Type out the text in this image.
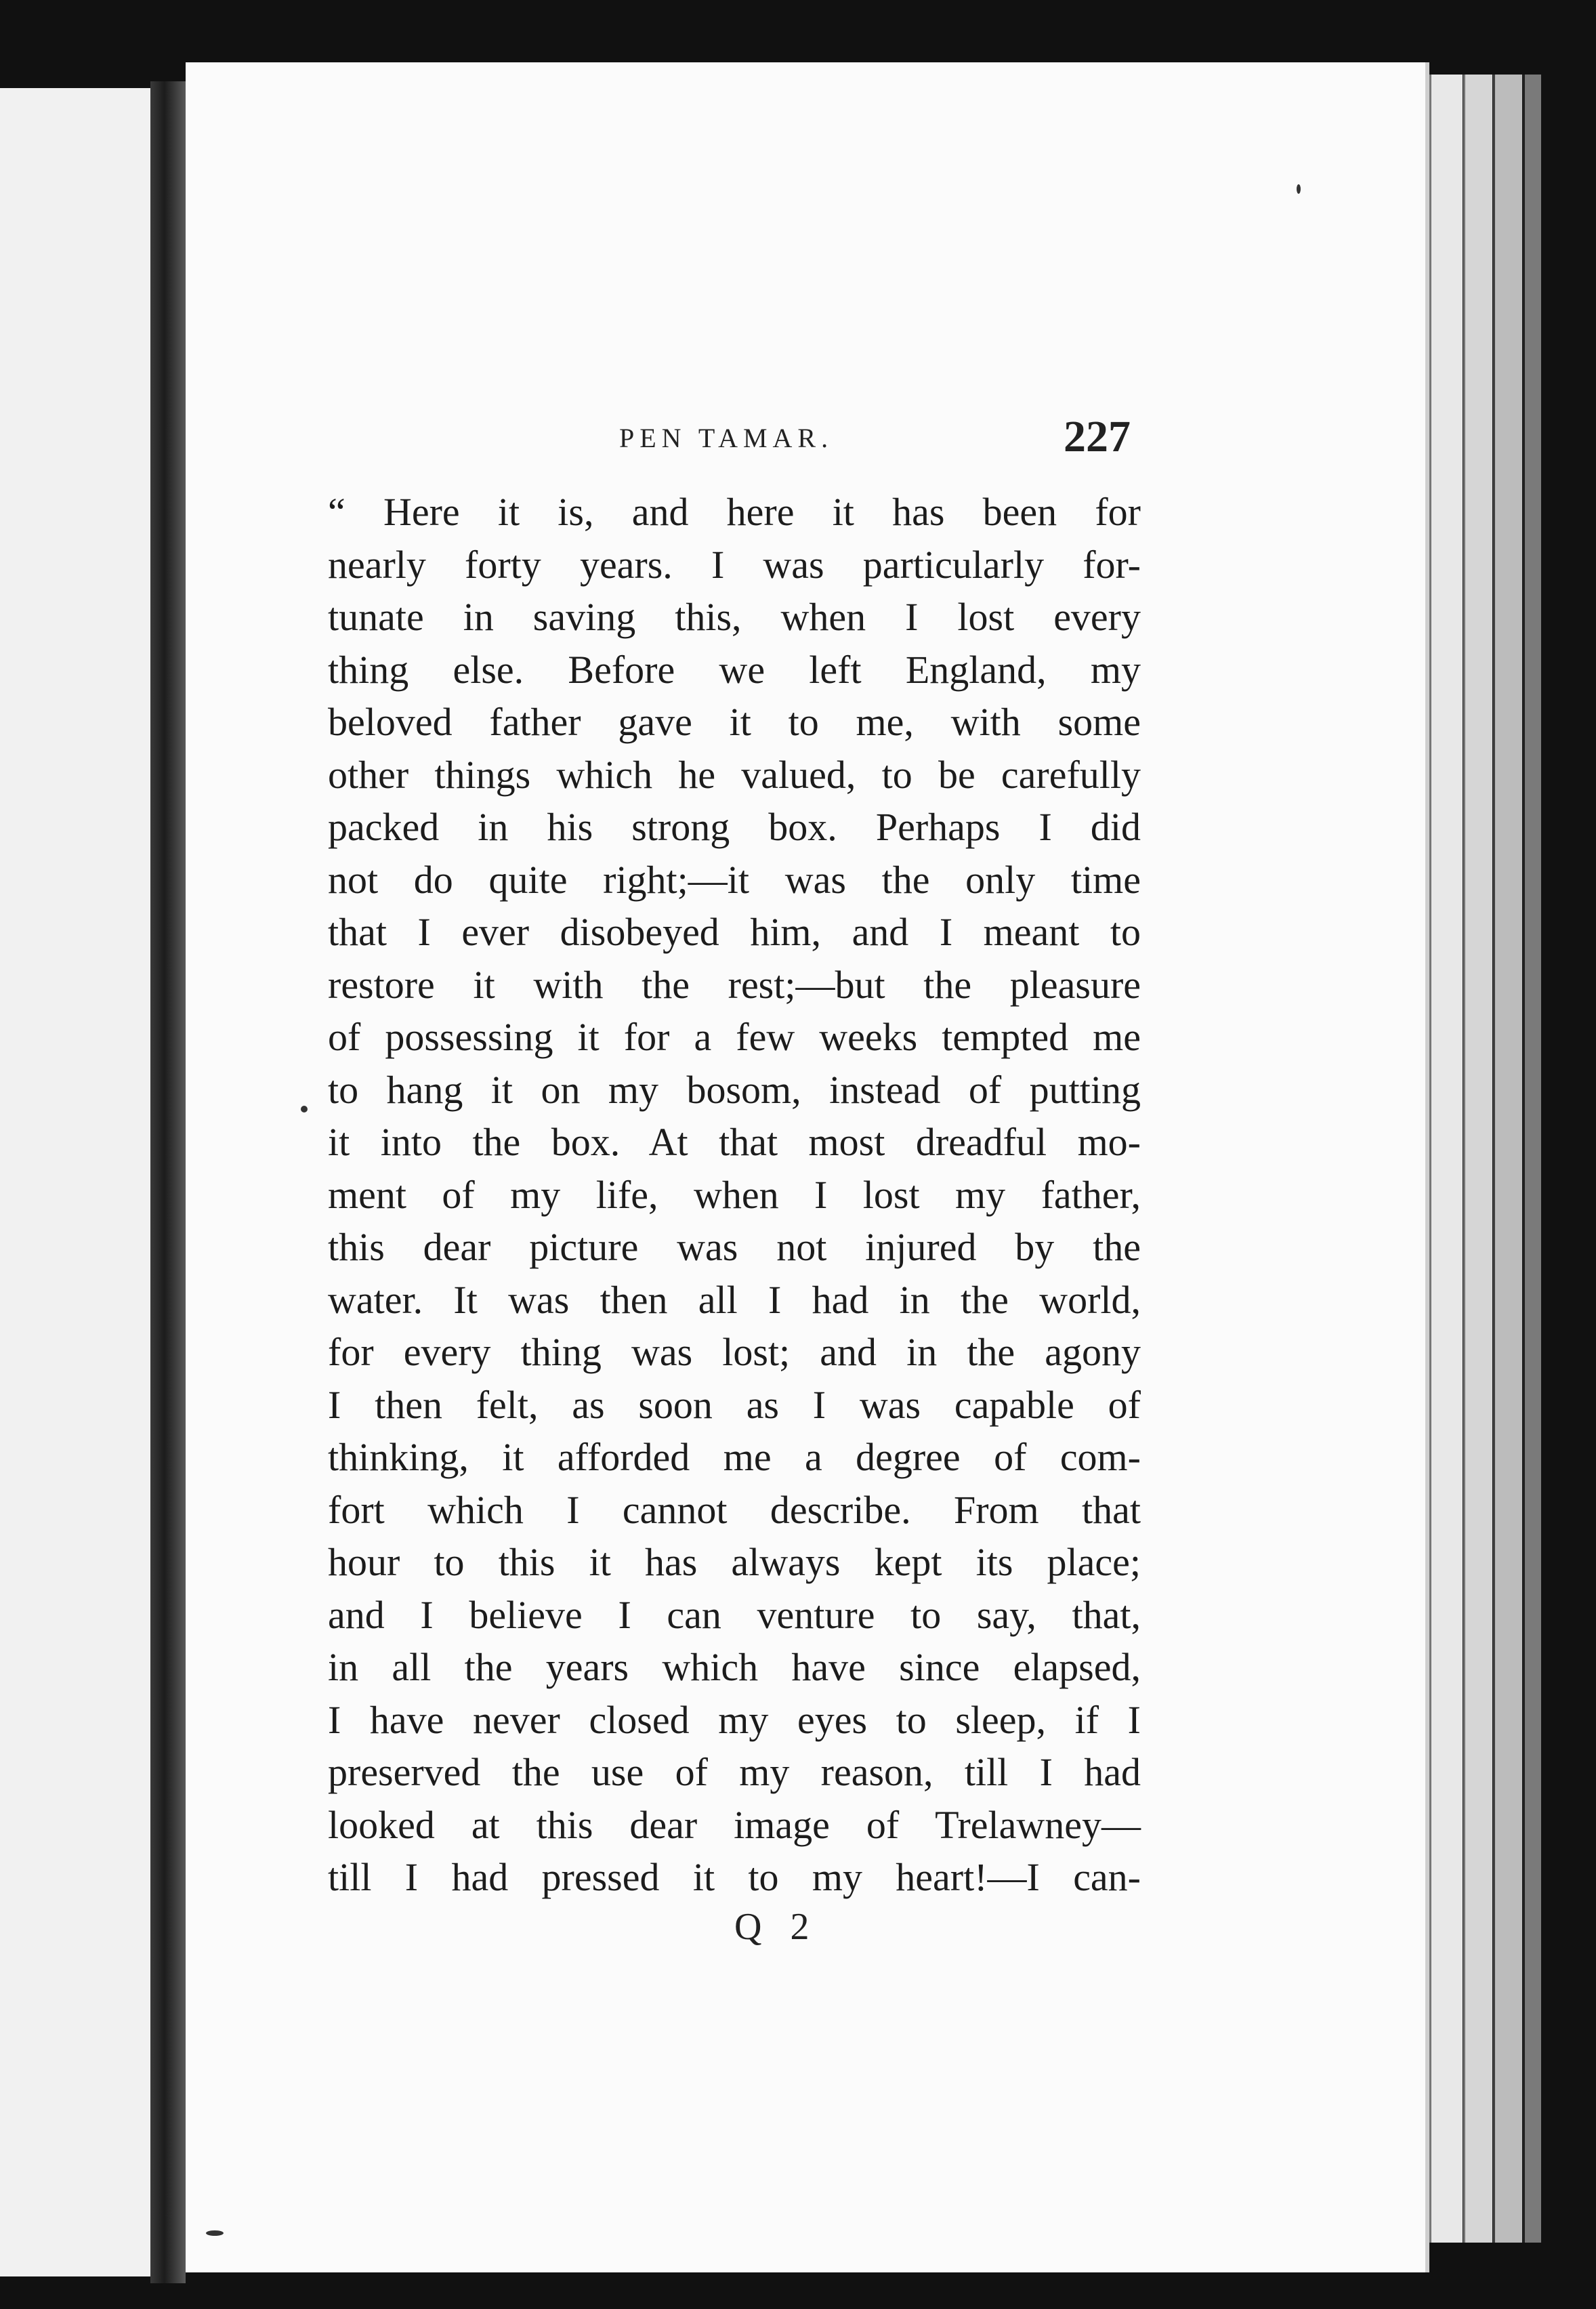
PEN TAMAR.	227
“ Here it is, and here it has been for
nearly forty years. I was particularly for-
tunate in saving this, when I lost every
thing else. Before we left England, my
beloved father gave it to me, with some
other things which he valued, to be carefully
packed in his strong box. Perhaps I did
not do quite right;—it was the only time
that I ever disobeyed him, and I meant to
restore it with the rest;—but the pleasure
of possessing it for a few weeks tempted me
to hang it on my bosom, instead of putting
it into the box. At that most dreadful mo-
ment of my life, when I lost my father,
this dear picture was not injured by the
water. It was then all I had in the world,
for every thing was lost; and in the agony
I then felt, as soon as I was capable of
thinking, it afforded me a degree of com-
fort which I cannot describe. From that
hour to this it has always kept its place;
and I believe I can venture to say, that,
in all the years which have since elapsed,
I have never closed my eyes to sleep, if I
preserved the use of my reason, till I had
looked at this dear image of Trelawney—
till I had pressed it to my heart!—I can-
Q 2
